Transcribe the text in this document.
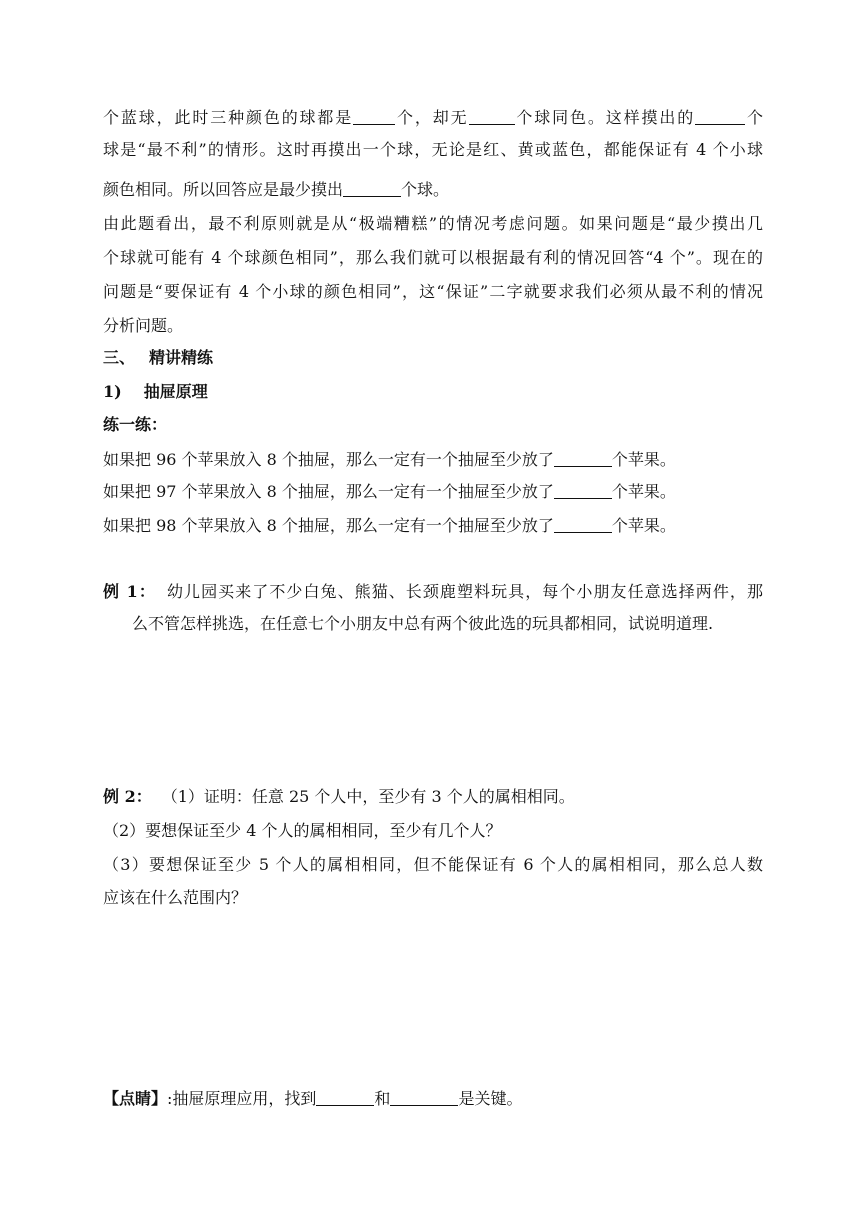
个蓝球，此时三种颜色的球都是	个，却无	个球同色。这样摸出的	个
球是“最不利”的情形。这时再摸出一个球，无论是红、黄或蓝色，都能保证有 4 个小球
颜色相同。所以回答应是最少摸出	个球。
由此题看出，最不利原则就是从“极端糟糕”的情况考虑问题。如果问题是“最少摸出几
个球就可能有 4 个球颜色相同”，那么我们就可以根据最有利的情况回答“4 个”。现在的
问题是“要保证有 4 个小球的颜色相同”，这“保证”二字就要求我们必须从最不利的情况
分析问题。
三、 精讲精练
1) 抽屉原理
练一练：
如果把 96 个苹果放入 8 个抽屉，那么一定有一个抽屉至少放了	个苹果。
如果把 97 个苹果放入 8 个抽屉，那么一定有一个抽屉至少放了	个苹果。
如果把 98 个苹果放入 8 个抽屉，那么一定有一个抽屉至少放了	个苹果。
例 1： 幼儿园买来了不少白兔、熊猫、长颈鹿塑料玩具，每个小朋友任意选择两件，那
么不管怎样挑选，在任意七个小朋友中总有两个彼此选的玩具都相同，试说明道理.
例 2： （1）证明：任意 25 个人中，至少有 3 个人的属相相同。
（2）要想保证至少 4 个人的属相相同，至少有几个人？
（3）要想保证至少 5 个人的属相相同，但不能保证有 6 个人的属相相同，那么总人数
应该在什么范围内？
【点睛】:抽屉原理应用，找到	和	是关键。
